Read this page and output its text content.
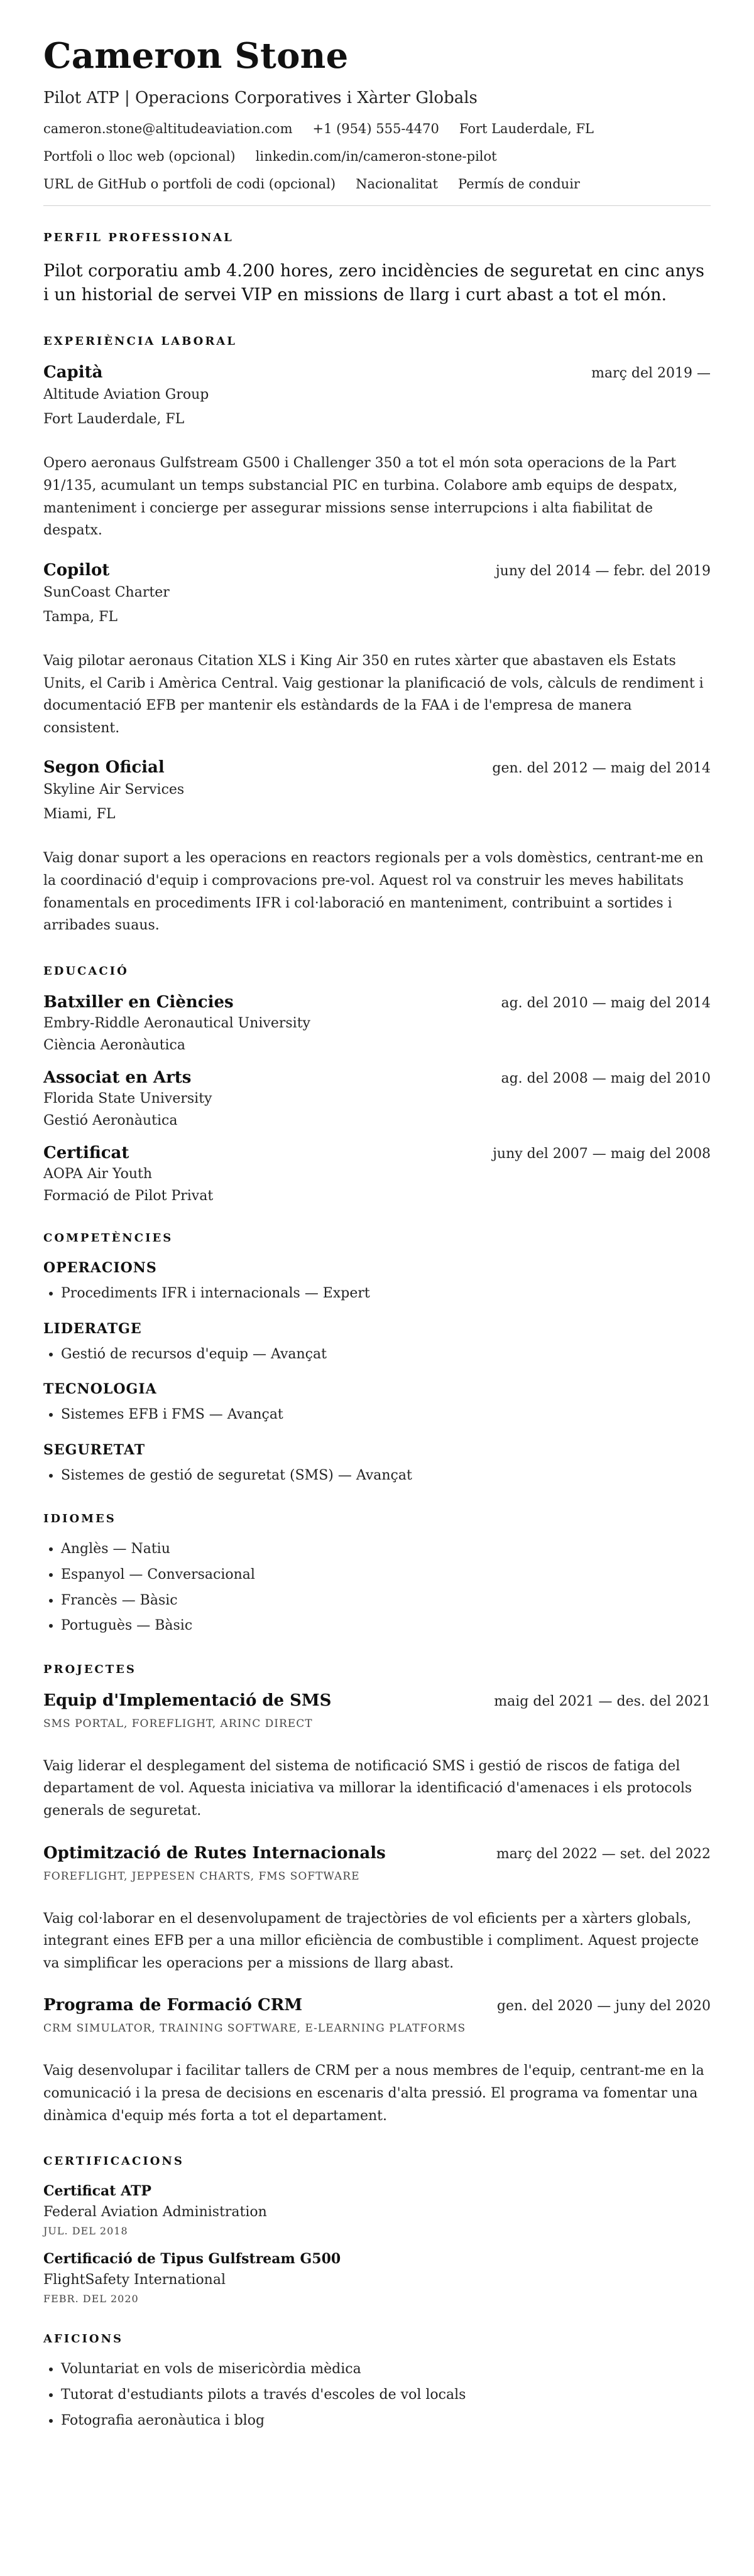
Cameron Stone
Pilot ATP | Operacions Corporatives i Xàrter Globals
cameron.stone@altitudeaviation.com +1 (954) 555-4470 Fort Lauderdale, FL
Portfoli o lloc web (opcional) linkedin.com/in/cameron-stone-pilot
URL de GitHub o portfoli de codi (opcional) Nacionalitat Permís de conduir
PERFIL PROFESSIONAL

Pilot corporatiu amb 4.200 hores, zero incidències de seguretat en cinc anys i un historial de servei VIP en missions de llarg i curt abast a tot el món.

EXPERIÈNCIA LABORAL
Capità	març del 2019 —
Altitude Aviation Group
Fort Lauderdale, FL

Opero aeronaus Gulfstream G500 i Challenger 350 a tot el món sota operacions de la Part 91/135, acumulant un temps substancial PIC en turbina. Colabore amb equips de despatx, manteniment i concierge per assegurar missions sense interrupcions i alta fiabilitat de despatx.

Copilot	juny del 2014 — febr. del 2019
SunCoast Charter
Tampa, FL

Vaig pilotar aeronaus Citation XLS i King Air 350 en rutes xàrter que abastaven els Estats Units, el Carib i Amèrica Central. Vaig gestionar la planificació de vols, càlculs de rendiment i documentació EFB per mantenir els estàndards de la FAA i de l'empresa de manera consistent.

Segon Oficial	gen. del 2012 — maig del 2014
Skyline Air Services
Miami, FL

Vaig donar suport a les operacions en reactors regionals per a vols domèstics, centrant-me en la coordinació d'equip i comprovacions pre-vol. Aquest rol va construir les meves habilitats fonamentals en procediments IFR i col·laboració en manteniment, contribuint a sortides i arribades suaus.

EDUCACIÓ
Batxiller en Ciències	ag. del 2010 — maig del 2014
Embry-Riddle Aeronautical University
Ciència Aeronàutica
Associat en Arts	ag. del 2008 — maig del 2010
Florida State University
Gestió Aeronàutica
Certificat	juny del 2007 — maig del 2008
AOPA Air Youth
Formació de Pilot Privat
COMPETÈNCIES
OPERACIONS
• Procediments IFR i internacionals — Expert
LIDERATGE
• Gestió de recursos d'equip — Avançat
TECNOLOGIA
• Sistemes EFB i FMS — Avançat
SEGURETAT
• Sistemes de gestió de seguretat (SMS) — Avançat
IDIOMES
• Anglès — Natiu
• Espanyol — Conversacional
• Francès — Bàsic
• Portuguès — Bàsic
PROJECTES
Equip d'Implementació de SMS	maig del 2021 — des. del 2021
SMS PORTAL, FOREFLIGHT, ARINC DIRECT

Vaig liderar el desplegament del sistema de notificació SMS i gestió de riscos de fatiga del departament de vol. Aquesta iniciativa va millorar la identificació d'amenaces i els protocols generals de seguretat.

Optimització de Rutes Internacionals	març del 2022 — set. del 2022
FOREFLIGHT, JEPPESEN CHARTS, FMS SOFTWARE

Vaig col·laborar en el desenvolupament de trajectòries de vol eficients per a xàrters globals, integrant eines EFB per a una millor eficiència de combustible i compliment. Aquest projecte va simplificar les operacions per a missions de llarg abast.

Programa de Formació CRM	gen. del 2020 — juny del 2020
CRM SIMULATOR, TRAINING SOFTWARE, E-LEARNING PLATFORMS

Vaig desenvolupar i facilitar tallers de CRM per a nous membres de l'equip, centrant-me en la comunicació i la presa de decisions en escenaris d'alta pressió. El programa va fomentar una dinàmica d'equip més forta a tot el departament.

CERTIFICACIONS
Certificat ATP
Federal Aviation Administration
JUL. DEL 2018
Certificació de Tipus Gulfstream G500
FlightSafety International
FEBR. DEL 2020
AFICIONS
• Voluntariat en vols de misericòrdia mèdica
• Tutorat d'estudiants pilots a través d'escoles de vol locals
• Fotografia aeronàutica i blog
